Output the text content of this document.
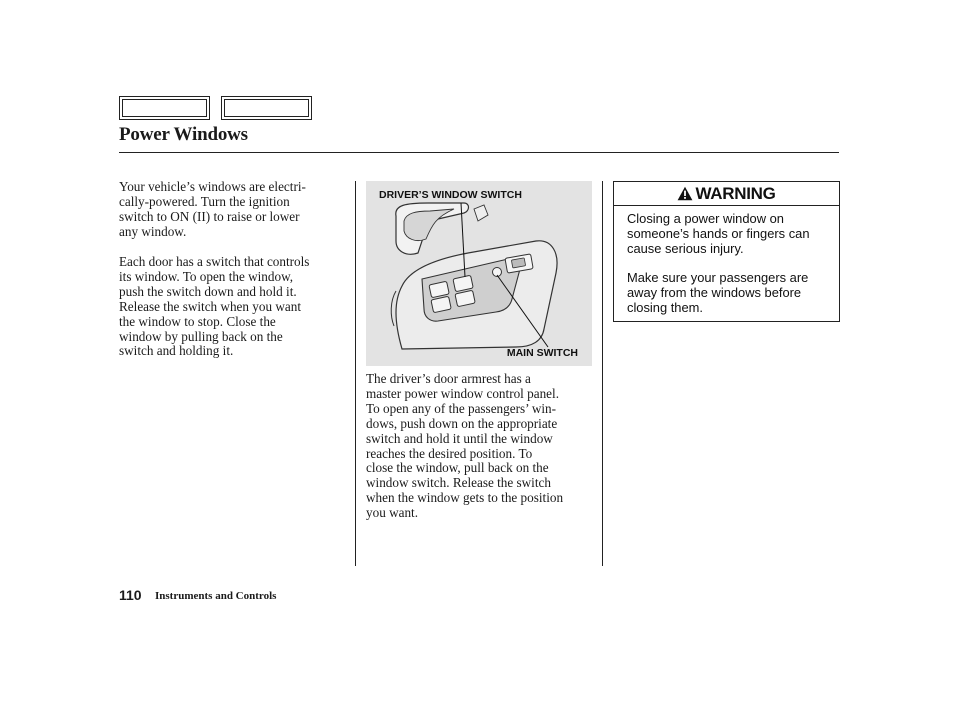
Power Windows

Your vehicle’s windows are electri-
cally-powered. Turn the ignition
switch to ON (II) to raise or lower
any window.

Each door has a switch that controls
its window. To open the window,
push the switch down and hold it.
Release the switch when you want
the window to stop. Close the
window by pulling back on the
switch and holding it.

DRIVER’S WINDOW SWITCH
MAIN SWITCH

The driver’s door armrest has a
master power window control panel.
To open any of the passengers’ win-
dows, push down on the appropriate
switch and hold it until the window
reaches the desired position. To
close the window, pull back on the
window switch. Release the switch
when the window gets to the position
you want.

WARNING

Closing a power window on
someone’s hands or fingers can
cause serious injury.

Make sure your passengers are
away from the windows before
closing them.

110 Instruments and Controls
